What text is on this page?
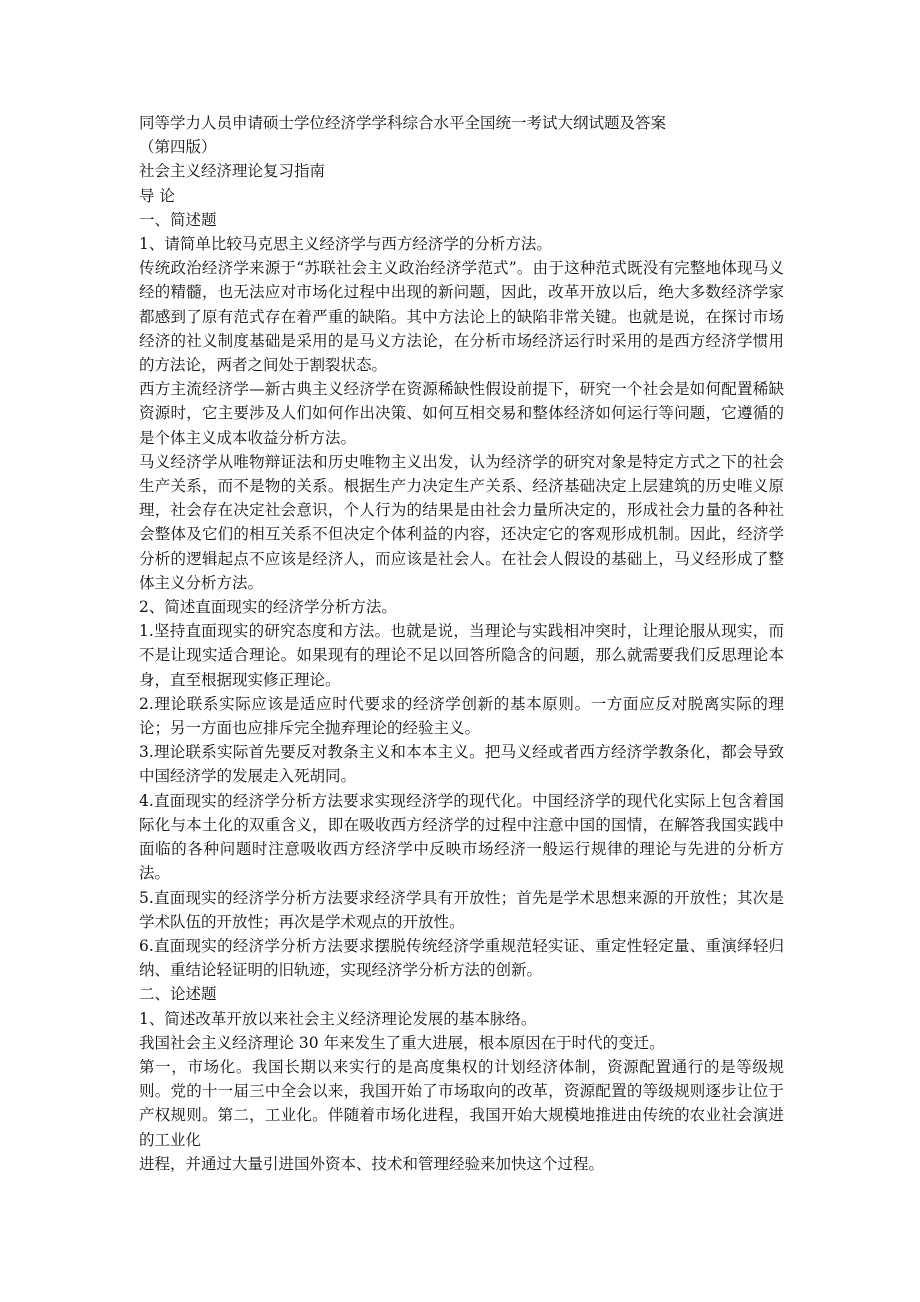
同等学力人员申请硕士学位经济学学科综合水平全国统一考试大纲试题及答案

（第四版）

社会主义经济理论复习指南

导 论

一、简述题

1、请简单比较马克思主义经济学与西方经济学的分析方法。

传统政治经济学来源于“苏联社会主义政治经济学范式”。由于这种范式既没有完整地体现马义经的精髓，也无法应对市场化过程中出现的新问题，因此，改革开放以后，绝大多数经济学家都感到了原有范式存在着严重的缺陷。其中方法论上的缺陷非常关键。也就是说，在探讨市场经济的社义制度基础是采用的是马义方法论，在分析市场经济运行时采用的是西方经济学惯用的方法论，两者之间处于割裂状态。

西方主流经济学—新古典主义经济学在资源稀缺性假设前提下，研究一个社会是如何配置稀缺资源时，它主要涉及人们如何作出决策、如何互相交易和整体经济如何运行等问题，它遵循的是个体主义成本收益分析方法。

马义经济学从唯物辩证法和历史唯物主义出发，认为经济学的研究对象是特定方式之下的社会生产关系，而不是物的关系。根据生产力决定生产关系、经济基础决定上层建筑的历史唯义原理，社会存在决定社会意识，个人行为的结果是由社会力量所决定的，形成社会力量的各种社会整体及它们的相互关系不但决定个体利益的内容，还决定它的客观形成机制。因此，经济学分析的逻辑起点不应该是经济人，而应该是社会人。在社会人假设的基础上，马义经形成了整体主义分析方法。

2、简述直面现实的经济学分析方法。

1.坚持直面现实的研究态度和方法。也就是说，当理论与实践相冲突时，让理论服从现实，而不是让现实适合理论。如果现有的理论不足以回答所隐含的问题，那么就需要我们反思理论本身，直至根据现实修正理论。

2.理论联系实际应该是适应时代要求的经济学创新的基本原则。一方面应反对脱离实际的理论；另一方面也应排斥完全抛弃理论的经验主义。

3.理论联系实际首先要反对教条主义和本本主义。把马义经或者西方经济学教条化，都会导致中国经济学的发展走入死胡同。

4.直面现实的经济学分析方法要求实现经济学的现代化。中国经济学的现代化实际上包含着国际化与本土化的双重含义，即在吸收西方经济学的过程中注意中国的国情，在解答我国实践中面临的各种问题时注意吸收西方经济学中反映市场经济一般运行规律的理论与先进的分析方法。

5.直面现实的经济学分析方法要求经济学具有开放性；首先是学术思想来源的开放性；其次是学术队伍的开放性；再次是学术观点的开放性。

6.直面现实的经济学分析方法要求摆脱传统经济学重规范轻实证、重定性轻定量、重演绎轻归纳、重结论轻证明的旧轨迹，实现经济学分析方法的创新。

二、论述题

1、简述改革开放以来社会主义经济理论发展的基本脉络。

我国社会主义经济理论 30 年来发生了重大进展，根本原因在于时代的变迁。

第一，市场化。我国长期以来实行的是高度集权的计划经济体制，资源配置通行的是等级规则。党的十一届三中全会以来，我国开始了市场取向的改革，资源配置的等级规则逐步让位于产权规则。第二，工业化。伴随着市场化进程，我国开始大规模地推进由传统的农业社会演进的工业化

进程，并通过大量引进国外资本、技术和管理经验来加快这个过程。
